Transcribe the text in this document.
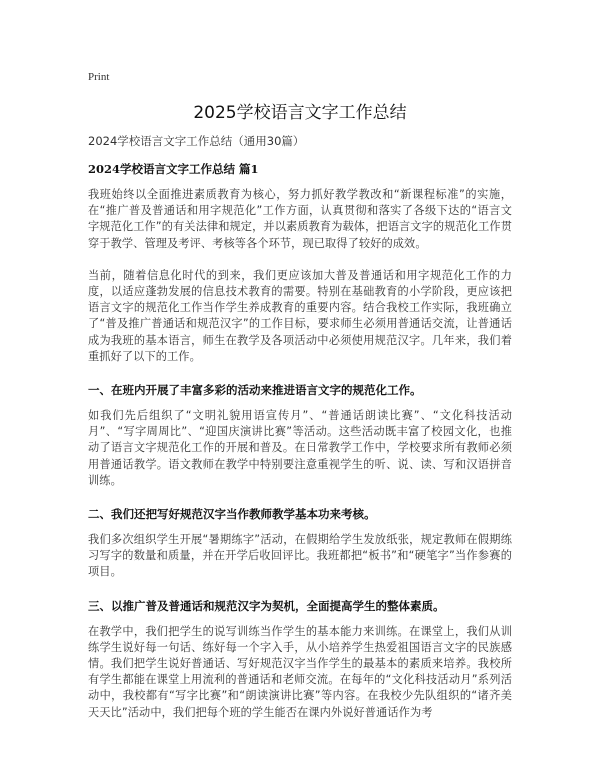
Print
2025学校语言文字工作总结

2024学校语言文字工作总结（通用30篇）

2024学校语言文字工作总结 篇1

我班始终以全面推进素质教育为核心，努力抓好教学教改和“新课程标准”的实施，在“推广普及普通话和用字规范化”工作方面，认真贯彻和落实了各级下达的“语言文字规范化工作”的有关法律和规定，并以素质教育为载体，把语言文字的规范化工作贯穿于教学、管理及考评、考核等各个环节，现已取得了较好的成效。

当前，随着信息化时代的到来，我们更应该加大普及普通话和用字规范化工作的力度，以适应蓬勃发展的信息技术教育的需要。特别在基础教育的小学阶段，更应该把语言文字的规范化工作当作学生养成教育的重要内容。结合我校工作实际，我班确立了“普及推广普通话和规范汉字”的工作目标，要求师生必须用普通话交流，让普通话成为我班的基本语言，师生在教学及各项活动中必须使用规范汉字。几年来，我们着重抓好了以下的工作。

一、在班内开展了丰富多彩的活动来推进语言文字的规范化工作。

如我们先后组织了“文明礼貌用语宣传月”、“普通话朗读比赛”、“文化科技活动月”、“写字周周比”、“迎国庆演讲比赛”等活动。这些活动既丰富了校园文化，也推动了语言文字规范化工作的开展和普及。在日常教学工作中，学校要求所有教师必须用普通话教学。语文教师在教学中特别要注意重视学生的听、说、读、写和汉语拼音训练。

二、我们还把写好规范汉字当作教师教学基本功来考核。

我们多次组织学生开展“暑期练字”活动，在假期给学生发放纸张，规定教师在假期练习写字的数量和质量，并在开学后收回评比。我班都把“板书”和“硬笔字”当作参赛的项目。

三、以推广普及普通话和规范汉字为契机，全面提高学生的整体素质。

在教学中，我们把学生的说写训练当作学生的基本能力来训练。在课堂上，我们从训练学生说好每一句话、练好每一个字入手，从小培养学生热爱祖国语言文字的民族感情。我们把学生说好普通话、写好规范汉字当作学生的最基本的素质来培养。我校所有学生都能在课堂上用流利的普通话和老师交流。在每年的“文化科技活动月”系列活动中，我校都有“写字比赛”和“朗读演讲比赛”等内容。在我校少先队组织的“诸齐美天天比”活动中，我们把每个班的学生能否在课内外说好普通话作为考
